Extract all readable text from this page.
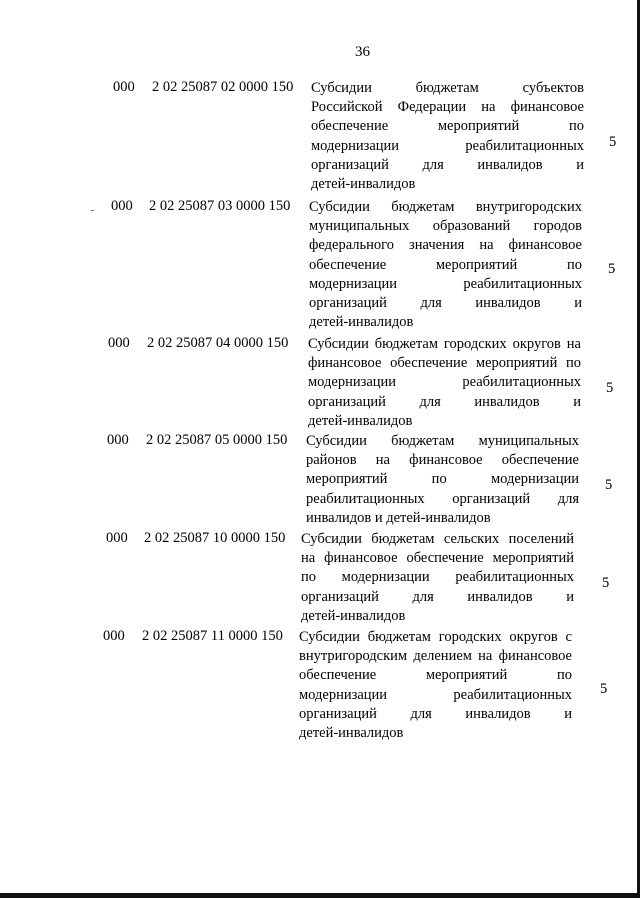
36
000 2 02 25087 02 0000 150 Субсидии бюджетам субъектов
Российской Федерации на финансовое
обеспечение мероприятий по
модернизации реабилитационных
организаций для инвалидов и
детей-инвалидов
5
000 2 02 25087 03 0000 150 Субсидии бюджетам внутригородских
муниципальных образований городов
федерального значения на финансовое
обеспечение мероприятий по
модернизации реабилитационных
организаций для инвалидов и
детей-инвалидов
5
000 2 02 25087 04 0000 150 Субсидии бюджетам городских округов на
финансовое обеспечение мероприятий по
модернизации реабилитационных
организаций для инвалидов и
детей-инвалидов
5
000 2 02 25087 05 0000 150 Субсидии бюджетам муниципальных
районов на финансовое обеспечение
мероприятий по модернизации
реабилитационных организаций для
инвалидов и детей-инвалидов
5
000 2 02 25087 10 0000 150 Субсидии бюджетам сельских поселений
на финансовое обеспечение мероприятий
по модернизации реабилитационных
организаций для инвалидов и
детей-инвалидов
5
000 2 02 25087 11 0000 150 Субсидии бюджетам городских округов с
внутригородским делением на финансовое
обеспечение мероприятий по
модернизации реабилитационных
организаций для инвалидов и
детей-инвалидов
5
